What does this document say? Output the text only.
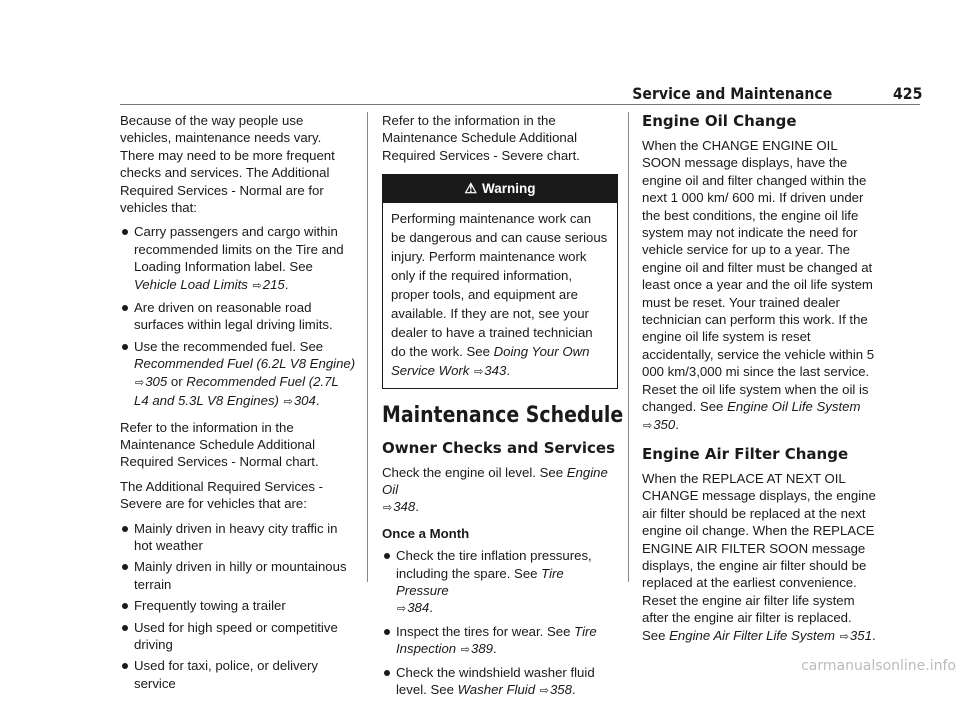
Service and Maintenance	425

Because of the way people use vehicles, maintenance needs vary. There may need to be more frequent checks and services. The Additional Required Services - Normal are for vehicles that:

Carry passengers and cargo within recommended limits on the Tire and Loading Information label. See Vehicle Load Limits ⇨215.
Are driven on reasonable road surfaces within legal driving limits.
Use the recommended fuel. See Recommended Fuel (6.2L V8 Engine) ⇨305 or Recommended Fuel (2.7L L4 and 5.3L V8 Engines) ⇨304.

Refer to the information in the Maintenance Schedule Additional Required Services - Normal chart.

The Additional Required Services - Severe are for vehicles that are:

Mainly driven in heavy city traffic in hot weather
Mainly driven in hilly or mountainous terrain
Frequently towing a trailer
Used for high speed or competitive driving
Used for taxi, police, or delivery service

Refer to the information in the Maintenance Schedule Additional Required Services - Severe chart.

⚠ Warning
Performing maintenance work can be dangerous and can cause serious injury. Perform maintenance work only if the required information, proper tools, and equipment are available. If they are not, see your dealer to have a trained technician do the work. See Doing Your Own Service Work ⇨343.
Maintenance Schedule
Owner Checks and Services

Check the engine oil level. See Engine Oil
⇨348.

Once a Month

Check the tire inflation pressures, including the spare. See Tire Pressure
⇨384.
Inspect the tires for wear. See Tire Inspection ⇨389.
Check the windshield washer fluid level. See Washer Fluid ⇨358.
Engine Oil Change

When the CHANGE ENGINE OIL SOON message displays, have the engine oil and filter changed within the next 1 000 km/ 600 mi. If driven under the best conditions, the engine oil life system may not indicate the need for vehicle service for up to a year. The engine oil and filter must be changed at least once a year and the oil life system must be reset. Your trained dealer technician can perform this work. If the engine oil life system is reset accidentally, service the vehicle within 5 000 km/3,000 mi since the last service. Reset the oil life system when the oil is changed. See Engine Oil Life System ⇨350.

Engine Air Filter Change

When the REPLACE AT NEXT OIL CHANGE message displays, the engine air filter should be replaced at the next engine oil change. When the REPLACE ENGINE AIR FILTER SOON message displays, the engine air filter should be replaced at the earliest convenience. Reset the engine air filter life system after the engine air filter is replaced. See Engine Air Filter Life System ⇨351.

carmanualsonline.info
